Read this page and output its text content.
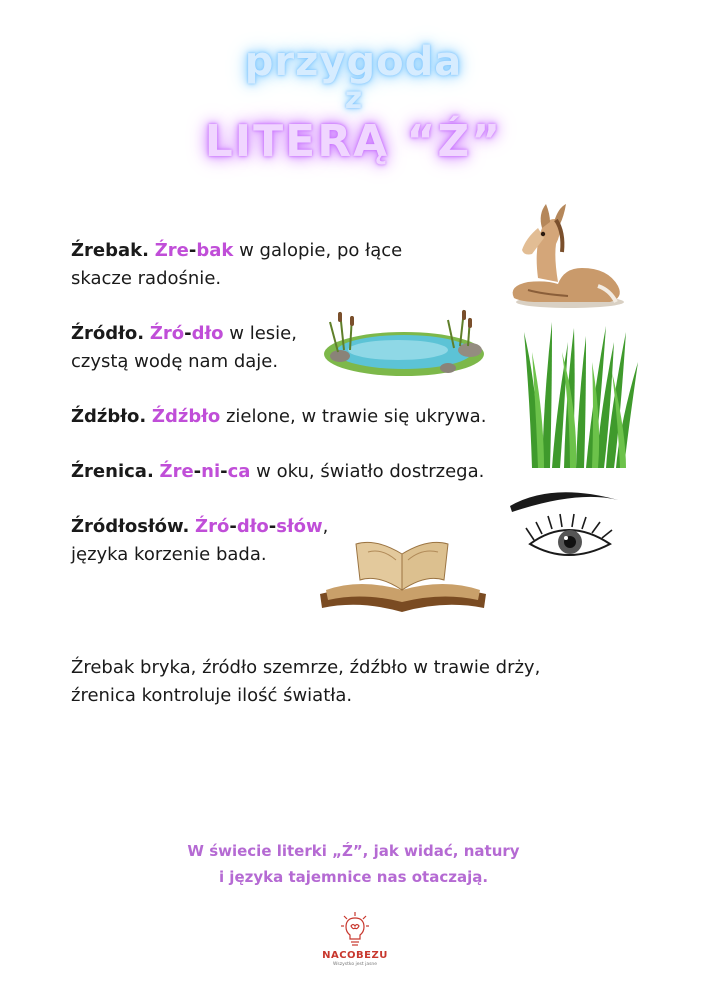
przygoda
z
LITERĄ “Ź”
Źrebak. Źre-bak w galopie, po łące
skacze radośnie.
Źródło. Źró-dło w lesie,
czystą wodę nam daje.
Źdźbło. Źdźbło zielone, w trawie się ukrywa.
Źrenica. Źre-ni-ca w oku, światło dostrzega.
Źródłosłów. Źró-dło-słów,
języka korzenie bada.
Źrebak bryka, źródło szemrze, źdźbło w trawie drży,
źrenica kontroluje ilość światła.
W świecie literki „Ź”, jak widać, natury
i języka tajemnice nas otaczają.
NACOBEZU
Wszystko jest jasne
